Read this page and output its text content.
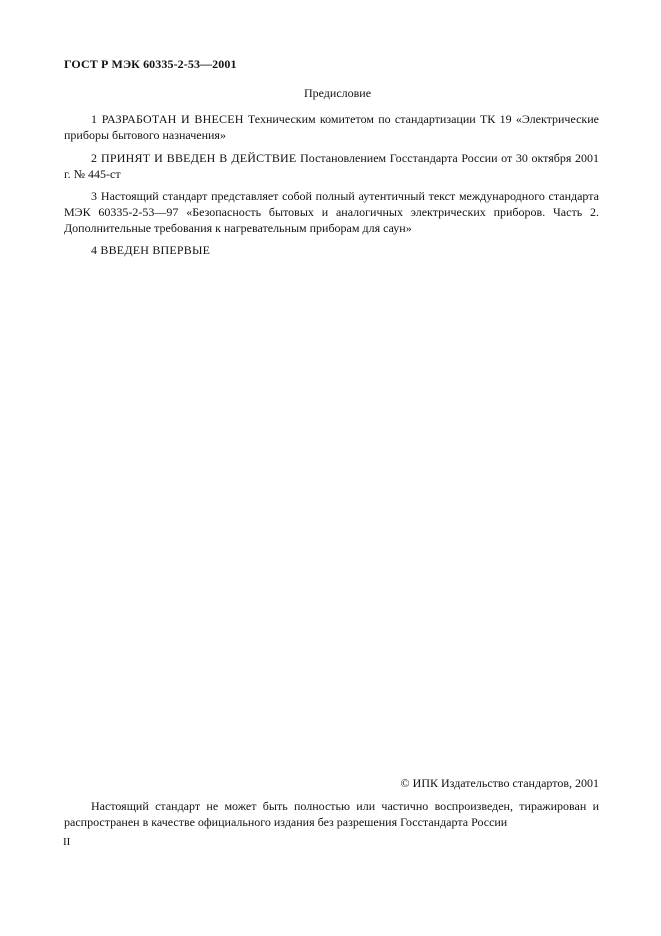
ГОСТ Р МЭК 60335-2-53—2001
Предисловие

1 РАЗРАБОТАН И ВНЕСЕН Техническим комитетом по стандартизации ТК 19 «Электрические приборы бытового назначения»

2 ПРИНЯТ И ВВЕДЕН В ДЕЙСТВИЕ Постановлением Госстандарта России от 30 октября 2001 г. № 445-ст

3 Настоящий стандарт представляет собой полный аутентичный текст международного стандарта МЭК 60335-2-53—97 «Безопасность бытовых и аналогичных электрических приборов. Часть 2. Дополнительные требования к нагревательным приборам для саун»

4 ВВЕДЕН ВПЕРВЫЕ

© ИПК Издательство стандартов, 2001

Настоящий стандарт не может быть полностью или частично воспроизведен, тиражирован и распространен в качестве официального издания без разрешения Госстандарта России

II
